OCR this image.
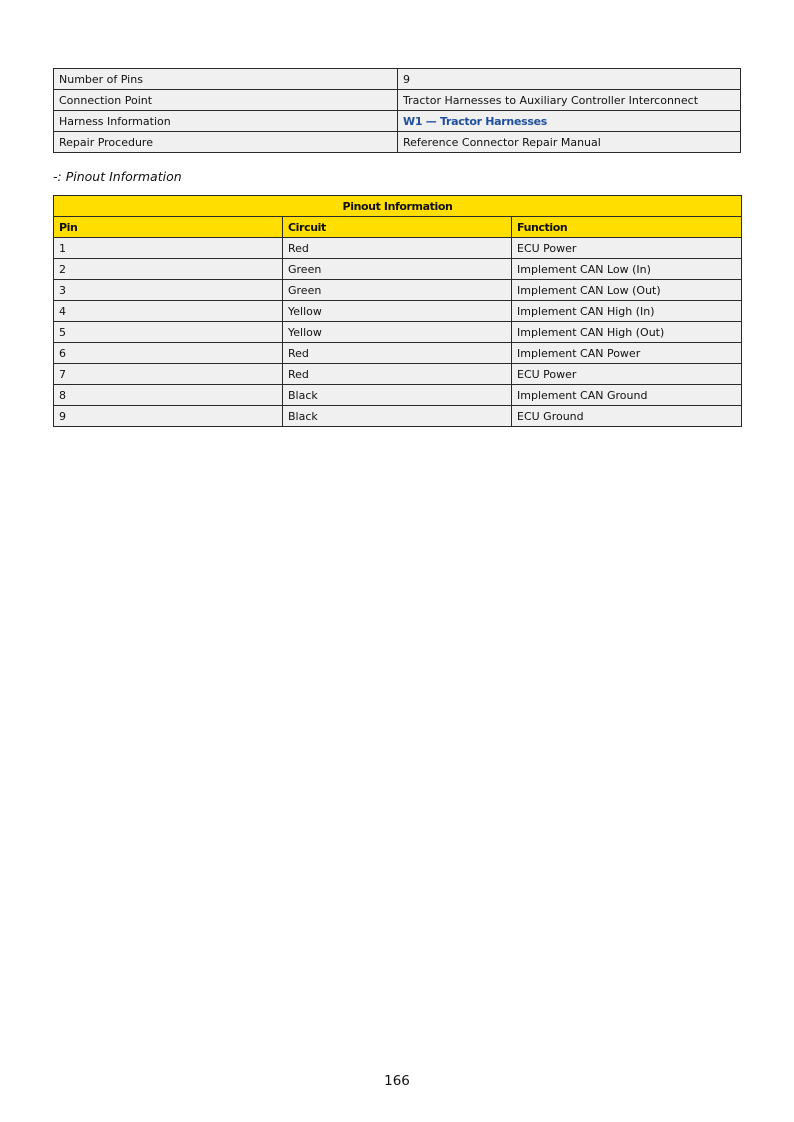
Number of Pins	9
Connection Point	Tractor Harnesses to Auxiliary Controller Interconnect
Harness Information	W1 — Tractor Harnesses
Repair Procedure	Reference Connector Repair Manual
-: Pinout Information
Pinout Information		
Pin	Circuit	Function
1	Red	ECU Power
2	Green	Implement CAN Low (In)
3	Green	Implement CAN Low (Out)
4	Yellow	Implement CAN High (In)
5	Yellow	Implement CAN High (Out)
6	Red	Implement CAN Power
7	Red	ECU Power
8	Black	Implement CAN Ground
9	Black	ECU Ground
166
